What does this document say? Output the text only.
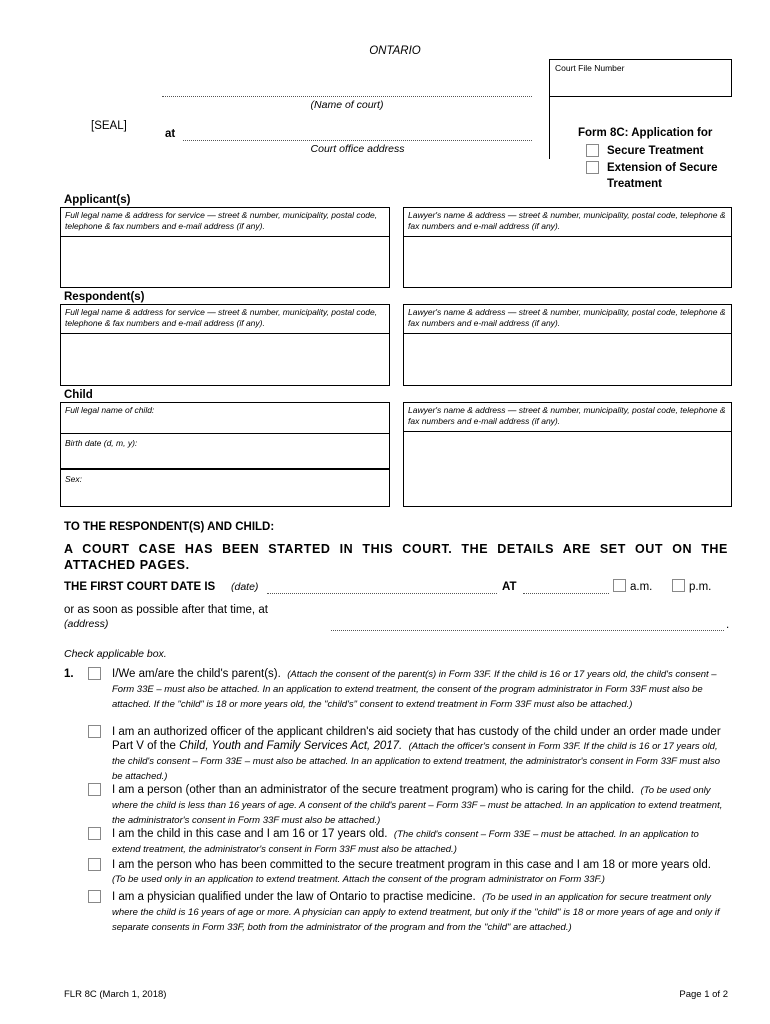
ONTARIO
(Name of court)
[SEAL]
at
Court office address
Court File Number
Form 8C: Application for
Secure Treatment
Extension of Secure
Treatment
Applicant(s)
Full legal name & address for service — street & number, municipality, postal code, telephone & fax numbers and e-mail address (if any).
Lawyer's name & address — street & number, municipality, postal code, telephone & fax numbers and e-mail address (if any).
Respondent(s)
Full legal name & address for service — street & number, municipality, postal code, telephone & fax numbers and e-mail address (if any).
Lawyer's name & address — street & number, municipality, postal code, telephone & fax numbers and e-mail address (if any).
Child
Full legal name of child:
Birth date (d, m, y):
Sex:
Lawyer's name & address — street & number, municipality, postal code, telephone & fax numbers and e-mail address (if any).
TO THE RESPONDENT(S) AND CHILD:
A COURT CASE HAS BEEN STARTED IN THIS COURT. THE DETAILS ARE SET OUT ON THE ATTACHED PAGES.
THE FIRST COURT DATE IS (date)	AT	a.m.	p.m.
or as soon as possible after that time, at
(address)	.
Check applicable box.
1.	I/We am/are the child's parent(s). (Attach the consent of the parent(s) in Form 33F. If the child is 16 or 17 years old, the child's consent – Form 33E – must also be attached. In an application to extend treatment, the consent of the program administrator in Form 33F must also be attached. If the "child" is 18 or more years old, the "child's" consent to extend treatment in Form 33F must also be attached.)
I am an authorized officer of the applicant children's aid society that has custody of the child under an order made under Part V of the Child, Youth and Family Services Act, 2017. (Attach the officer's consent in Form 33F. If the child is 16 or 17 years old, the child's consent – Form 33E – must also be attached. In an application to extend treatment, the administrator's consent in Form 33F must also be attached.)
I am a person (other than an administrator of the secure treatment program) who is caring for the child. (To be used only where the child is less than 16 years of age. A consent of the child's parent – Form 33F – must be attached. In an application to extend treatment, the administrator's consent in Form 33F must also be attached.)
I am the child in this case and I am 16 or 17 years old. (The child's consent – Form 33E – must be attached. In an application to extend treatment, the administrator's consent in Form 33F must also be attached.)
I am the person who has been committed to the secure treatment program in this case and I am 18 or more years old.  (To be used only in an application to extend treatment. Attach the consent of the program administrator on Form 33F.)
I am a physician qualified under the law of Ontario to practise medicine. (To be used in an application for secure treatment only where the child is 16 years of age or more. A physician can apply to extend treatment, but only if the "child" is 18 or more years of age and only if separate consents in Form 33F, both from the administrator of the program and from the "child" are attached.)
FLR 8C (March 1, 2018)	Page 1 of 2
